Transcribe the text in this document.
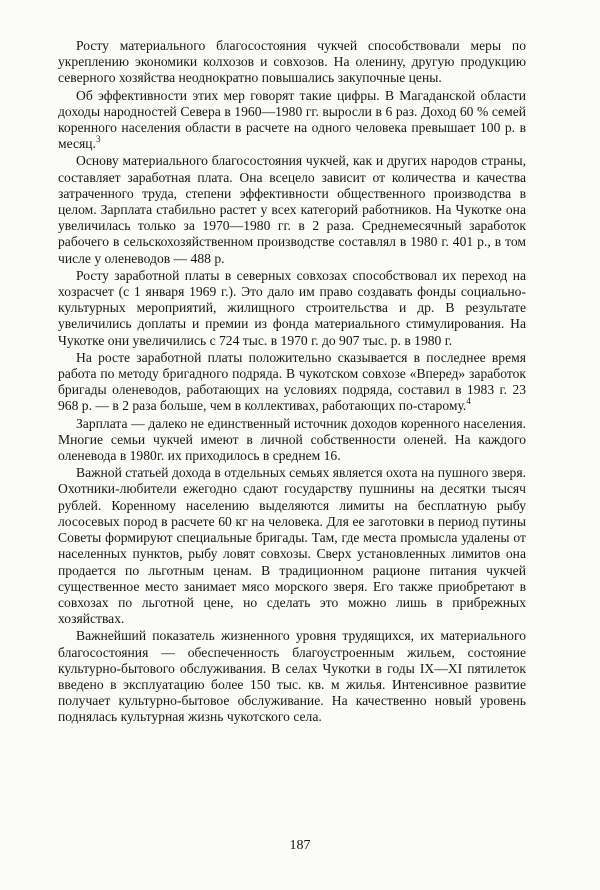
Росту материального благосостояния чукчей способствовали меры по укреплению экономики колхозов и совхозов. На оленину, другую продукцию северного хозяйства неоднократно повышались закупочные цены.

Об эффективности этих мер говорят такие цифры. В Магаданской области доходы народностей Севера в 1960—1980 гг. выросли в 6 раз. Доход 60 % семей коренного населения области в расчете на одного человека превышает 100 р. в месяц.$^3$

Основу материального благосостояния чукчей, как и других народов страны, составляет заработная плата. Она всецело зависит от количества и качества затраченного труда, степени эффективности общественного производства в целом. Зарплата стабильно растет у всех категорий работников. На Чукотке она увеличилась только за 1970—1980 гг. в 2 раза. Среднемесячный заработок рабочего в сельскохозяйственном производстве составлял в 1980 г. 401 р., в том числе у оленеводов — 488 р.

Росту заработной платы в северных совхозах способствовал их переход на хозрасчет (с 1 января 1969 г.). Это дало им право создавать фонды социально-культурных мероприятий, жилищного строительства и др. В результате увеличились доплаты и премии из фонда материального стимулирования. На Чукотке они увеличились с 724 тыс. в 1970 г. до 907 тыс. р. в 1980 г.

На росте заработной платы положительно сказывается в последнее время работа по методу бригадного подряда. В чукотском совхозе «Вперед» заработок бригады оленеводов, работающих на условиях подряда, составил в 1983 г. 23 968 р. — в 2 раза больше, чем в коллективах, работающих по-старому.$^4$

Зарплата — далеко не единственный источник доходов коренного населения. Многие семьи чукчей имеют в личной собственности оленей. На каждого оленевода в 1980г. их приходилось в среднем 16.

Важной статьей дохода в отдельных семьях является охота на пушного зверя. Охотники-любители ежегодно сдают государству пушнины на десятки тысяч рублей. Коренному населению выделяются лимиты на бесплатную рыбу лососевых пород в расчете 60 кг на человека. Для ее заготовки в период путины Советы формируют специальные бригады. Там, где места промысла удалены от населенных пунктов, рыбу ловят совхозы. Сверх установленных лимитов она продается по льготным ценам. В традиционном рационе питания чукчей существенное место занимает мясо морского зверя. Его также приобретают в совхозах по льготной цене, но сделать это можно лишь в прибрежных хозяйствах.

Важнейший показатель жизненного уровня трудящихся, их материального благосостояния — обеспеченность благоустроенным жильем, состояние культурно-бытового обслуживания. В селах Чукотки в годы IX—XI пятилеток введено в эксплуатацию более 150 тыс. кв. м жилья. Интенсивное развитие получает культурно-бытовое обслуживание. На качественно новый уровень поднялась культурная жизнь чукотского села.

187
